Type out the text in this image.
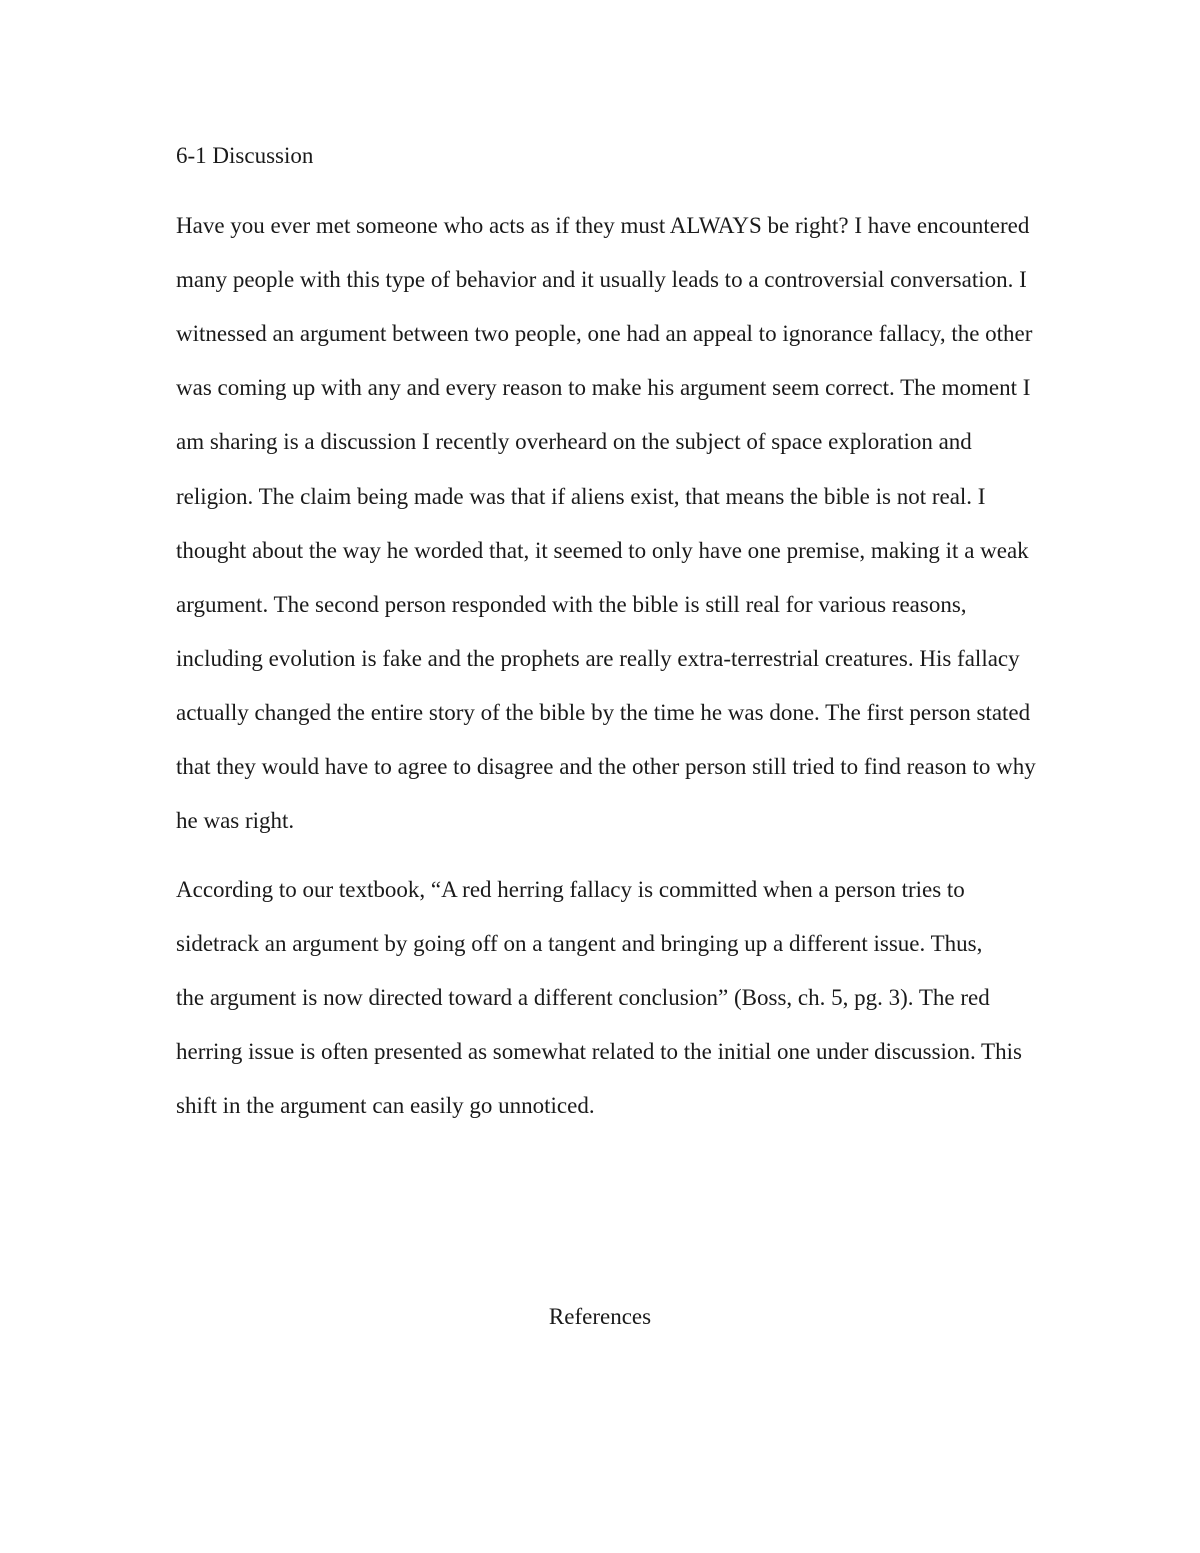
6-1 Discussion
Have you ever met someone who acts as if they must ALWAYS be right? I have encountered
many people with this type of behavior and it usually leads to a controversial conversation. I
witnessed an argument between two people, one had an appeal to ignorance fallacy, the other
was coming up with any and every reason to make his argument seem correct. The moment I
am sharing is a discussion I recently overheard on the subject of space exploration and
religion. The claim being made was that if aliens exist, that means the bible is not real. I
thought about the way he worded that, it seemed to only have one premise, making it a weak
argument. The second person responded with the bible is still real for various reasons,
including evolution is fake and the prophets are really extra-terrestrial creatures. His fallacy
actually changed the entire story of the bible by the time he was done. The first person stated
that they would have to agree to disagree and the other person still tried to find reason to why
he was right.
According to our textbook, “A red herring fallacy is committed when a person tries to
sidetrack an argument by going off on a tangent and bringing up a different issue. Thus,
the argument is now directed toward a different conclusion” (Boss, ch. 5, pg. 3). The red
herring issue is often presented as somewhat related to the initial one under discussion. This
shift in the argument can easily go unnoticed.
References
